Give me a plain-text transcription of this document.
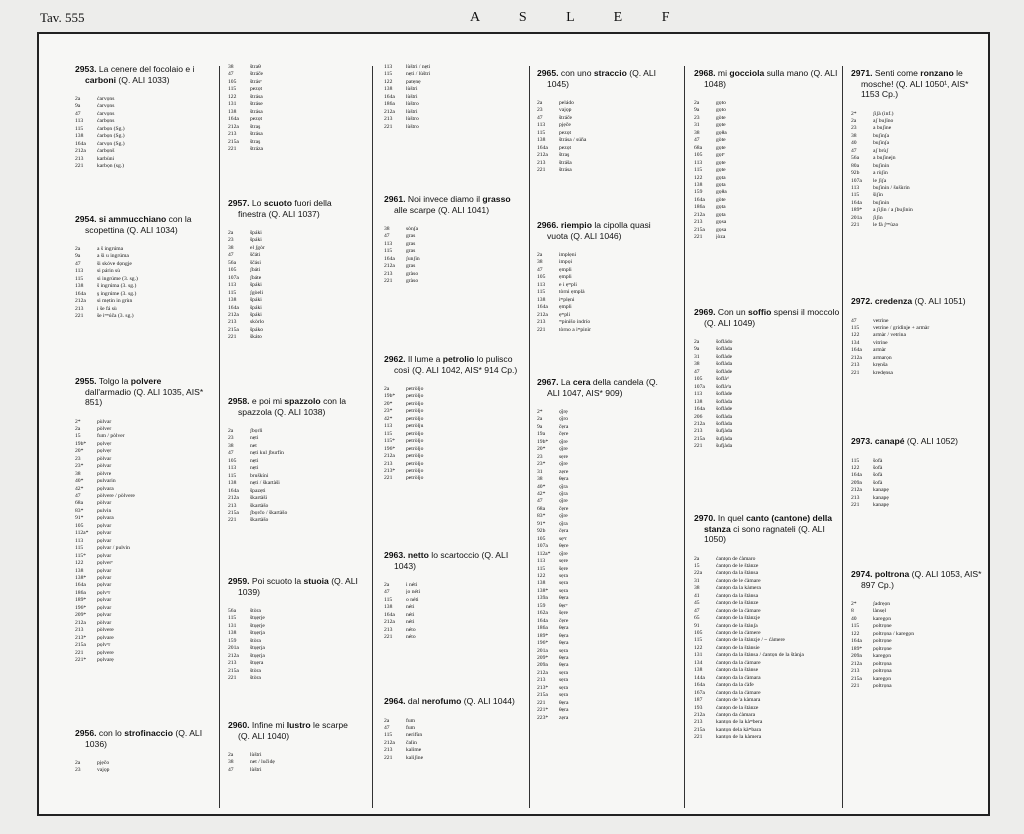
Tav. 555	A S L E F
2953. La cenere del focolaio e i carboni (Q. ALI 1033)
2a	ćarvọns
9a	ćarvọns
47	ćarvọns
113	ćarbọns
115	ćarbọn (Sg.)
138	ćarbọn (Sg.)
164a	ćarvọn (Sg.)
212a	ćarbọnš
213	karbùni
221	karbọn (sg.)
2954. si ammucchiano con la scopettina (Q. ALI 1034)
2a	a š ingrúma
9a	a ši u ingrúma
47	ši skóve dọngje
113	si párin sù
115	si ingrúme (3. sg.)
138	š ingrúma (3. sg.)
164a	ş ingrúme (3. sg.)
212a	si mẹtin in grùn
213	i še fá sù
221	še iᵉᵐúča (3. sg.)
2955. Tolgo la polvere dall'armadio (Q. ALI 1035, AIS* 851)
2*	pùlvar
2a	pòlver
15	fum / pòlver
19b*	pọlvẹr
20*	pọlvẹr
23	pòlvar
23*	pòlvar
38	pòlvre
40*	pulvarin
42*	pọlvara
47	pòlvere / pòlvere
68a	pòlvar
83*	pulvin
91*	pọlvara
105	pọlvar
112a*	pọlvar
113	pọlvar
115	pọlvar / pulvin
115*	pọlvar
122	pọlverᵉ
138	pọlvar
138*	pọlvar
164a	pọlvar
186a	pọlvᵉr
189*	pọlvar
196*	pọlvar
209*	pọlvar
212a	pòlvar
213	pòlvere
213*	pọlvare
215a	pọlvᵉr
221	pọlvere
221*	pọlvarẹ
2956. con lo strofinaccio (Q. ALI 1036)
2a	pjẹčo
23	vajọp
38	štraθ
47	štráče
105	štrásᵉ
115	pezọt
122	štrása
131	štráse
138	štrása
164a	pezọt
212a	štraş
213	štrása
215a	štraş
221	štráza
2957. Lo scuoto fuori della finestra (Q. ALI 1037)
2a	špáki
23	špáki
38	el ʃgòr
47	ščáti
56a	ščási
105	ʃbáti
107a	ʃbáte
113	špáki
115	ʃgòeli
138	špáki
164a	špáki
212a	špáki
213	skòrlo
215a	špáko
221	škáto
2958. e poi mi spazzolo con la spazzola (Q. ALI 1038)
2a	ʃbọrli
23	nẹti
38	net
47	nẹti kul ʃburfín
105	nẹti
113	nẹti
115	bruškíni
138	nẹti / škartàši
164a	špazẹti
212a	škartàši
213	škartàšo
215a	ʃbọrčo / škartàšo
221	škartàšo
2959. Poi scuoto la stuoia (Q. ALI 1039)
56a	štòra
115	štụẹrje
131	štụẹrje
138	štụẹrja
159	štòra
201a	štụẹrja
212a	štụẹrja
213	štụẹra
215a	štòra
221	štòra
2960. Infine mi lustro le scarpe (Q. ALI 1040)
2a	lùštri
38	net / lučidẹ
47	lùštri
113	lùštri / nẹti
115	nẹti / lùštri
122	patẹnẹ
138	lùštri
164a	lùštri
186a	lùštro
212a	lùštri
213	lùštro
221	lùštro
2961. Noi invece diamo il grasso alle scarpe (Q. ALI 1041)
38	sònʃa
47	gras
113	gras
115	gras
164a	ʃunʃin
212a	gras
213	gràso
221	gràso
2962. Il lume a petrolio lo pulisco così (Q. ALI 1042, AIS* 914 Cp.)
2a	petròljo
19b*	petròljo
20*	petròljo
23*	petròljo
42*	petròljo
113	petròlju
115	petròljo
115*	petròljo
196*	petròljo
212a	petròljo
213	petròljo
213*	petròljo
221	petròljo
2963. netto lo scartoccio (Q. ALI 1043)
2a	i néti
47	jo néti
115	o néti
138	néti
164a	néti
212a	néti
213	néto
221	néto
2964. dal nerofumo (Q. ALI 1044)
2a	fum
47	fum
115	nerifùn
212a	čalìn
213	kalìme
221	kalìʃine
2965. con uno straccio (Q. ALI 1045)
2a	peládo
23	vajọp
47	štráče
113	pjẹče
115	pezọt
138	štrása / súňa
164a	pezọt
212a	štraş
213	štráša
221	štrása
2966. riempio la cipolla quasi vuota (Q. ALI 1046)
2a	implẹni
38	impọi
47	ẹmpli
105	ẹmpli
113	e i ẹᵐpli
115	tòrni ẹmplà
138	iᵐplẹni
164a	ẹmpli
212a	ẹᵐpli
213	ᵐpinišo indrío
221	tòrno a iᵐpinìr
2967. La cera della candela (Q. ALI 1047, AIS* 909)
2*	ọ̈jrẹ
2a	ọ̈jro
9a	čẹra
19a	čẹre
19b*	ọ̈jre
20*	ọ̈jre
23	sẹre
23*	ọ̈jre
31	zẹre
38	θẹra
40*	ọ̈jra
42*	ọ̈jra
47	ọ̈jre
68a	čẹre
83*	ọ̈jre
91*	ọ̈jra
92b	čẹra
105	sẹᵉr
107a	θẹre
112a*	ọ̈jre
113	sẹre
115	šẹre
122	sẹra
138	sẹra
138*	sẹra
139a	θẹra
159	θẹrᵉ
162a	šẹre
164a	čẹre
186a	θẹra
189*	θẹra
196*	θẹra
201a	sẹra
209*	θẹra
209a	θẹra
212a	sẹra
213	sẹra
213*	sẹra
215a	sẹra
221	θẹra
221*	θẹra
223*	zẹra
2968. mi gocciola sulla mano (Q. ALI 1048)
2a	gọto
9a	gọto
23	gòte
31	gọte
38	gọθa
47	gòte
68a	gọte
105	gọtᵉ
113	gọte
115	gọte
122	gọta
138	gọta
159	gọθa
164a	gòte
186a	gọta
212a	gọta
213	gọsa
215a	gọsa
221	jòza
2969. Con un soffio spensi il moccolo (Q. ALI 1049)
2a	šofládo
9a	šoflàda
31	šoflàde
38	šoflàda
47	šoflàde
105	šoflàᵈ
107a	šoflàᵈa
113	šoflàde
138	šoflàda
164a	šoflàde
206	šoflàda
212a	šoflàda
213	šufjàda
215a	šufjàda
221	šufjàda
2970. In quel canto (cantone) della stanza ci sono ragnateli (Q. ALI 1050)
2a	ćantọn de ćàmaro
15	ćantọn de le štànze
22a	ćantọn da la štànsa
31	ćantọn de le ćàmare
38	ćantọn da la kàmera
41	ćantọn da la štànsa
45	ćantọn de la štànze
47	ćantọn de la ćàmare
65	ćantọn de la štànzje
91	ćantọn de la štànʃa
105	ćantọn de la ćàmere
115	ćantọn de la štànzje / ~ ćàmere
122	ćantọn de la štànsie
131	ćantọn da la štànsa / ćantọn de la štànja
134	ćantọn da la ćàmare
138	ćantọn da la štànse
144a	ćantọn da la ćàmara
164a	ćantọn da la ćàfe
167a	ćantọn da la ćàmare
187	ćantọn de 'a kàmara
193	ćantọn de la štànze
212a	ćantọn da ćàmara
213	kantọn de la kàᵐbera
215a	kantọn dela kàᵐbara
221	kantọn de la kàmera
2971. Senti come ronzano le mosche! (Q. ALI 1050¹, AIS* 1153 Cp.)
2*	ʃiʃà (inf.)
2a	aʃ buʃíno
23	a buʃìne
38	buʃìnʃa
40	buʃìnʃa
47	aʃ brùʃ
56a	a buʃìnejn
80a	buʃìnin
92b	a rùʃin
107a	le ʃiʃa
113	buʃìnin / šušùrin
115	šiʃìn
164a	buʃìnin
189*	a ʃìʃin / a ʃbuʃìnin
201a	ʃìʃin
221	le fà ʃᵉᵐùzo
2972. credenza (Q. ALI 1051)
47	vetrìne
115	vetrine / gridìnje + armàr
122	armàr / vetrina
134	vitrìne
164a	armàr
212a	armarọn
213	krẹnša
221	kredẹnsa
2973. canapé (Q. ALI 1052)
115	šofà
122	šofà
164a	šofà
209a	šofà
212a	kanapẹ
213	kanapẹ
221	kanapẹ
2974. poltrona (Q. ALI 1053, AIS* 897 Cp.)
2*	ʃadrẹọn
8	lànsẹl
40	karegọn
115	poltrọne
122	poltrọna / karegọn
164a	poltrọne
189*	pọltrọne
209a	karegọn
212a	poltrọna
213	poltrọna
215a	karegọn
221	poltrọna
